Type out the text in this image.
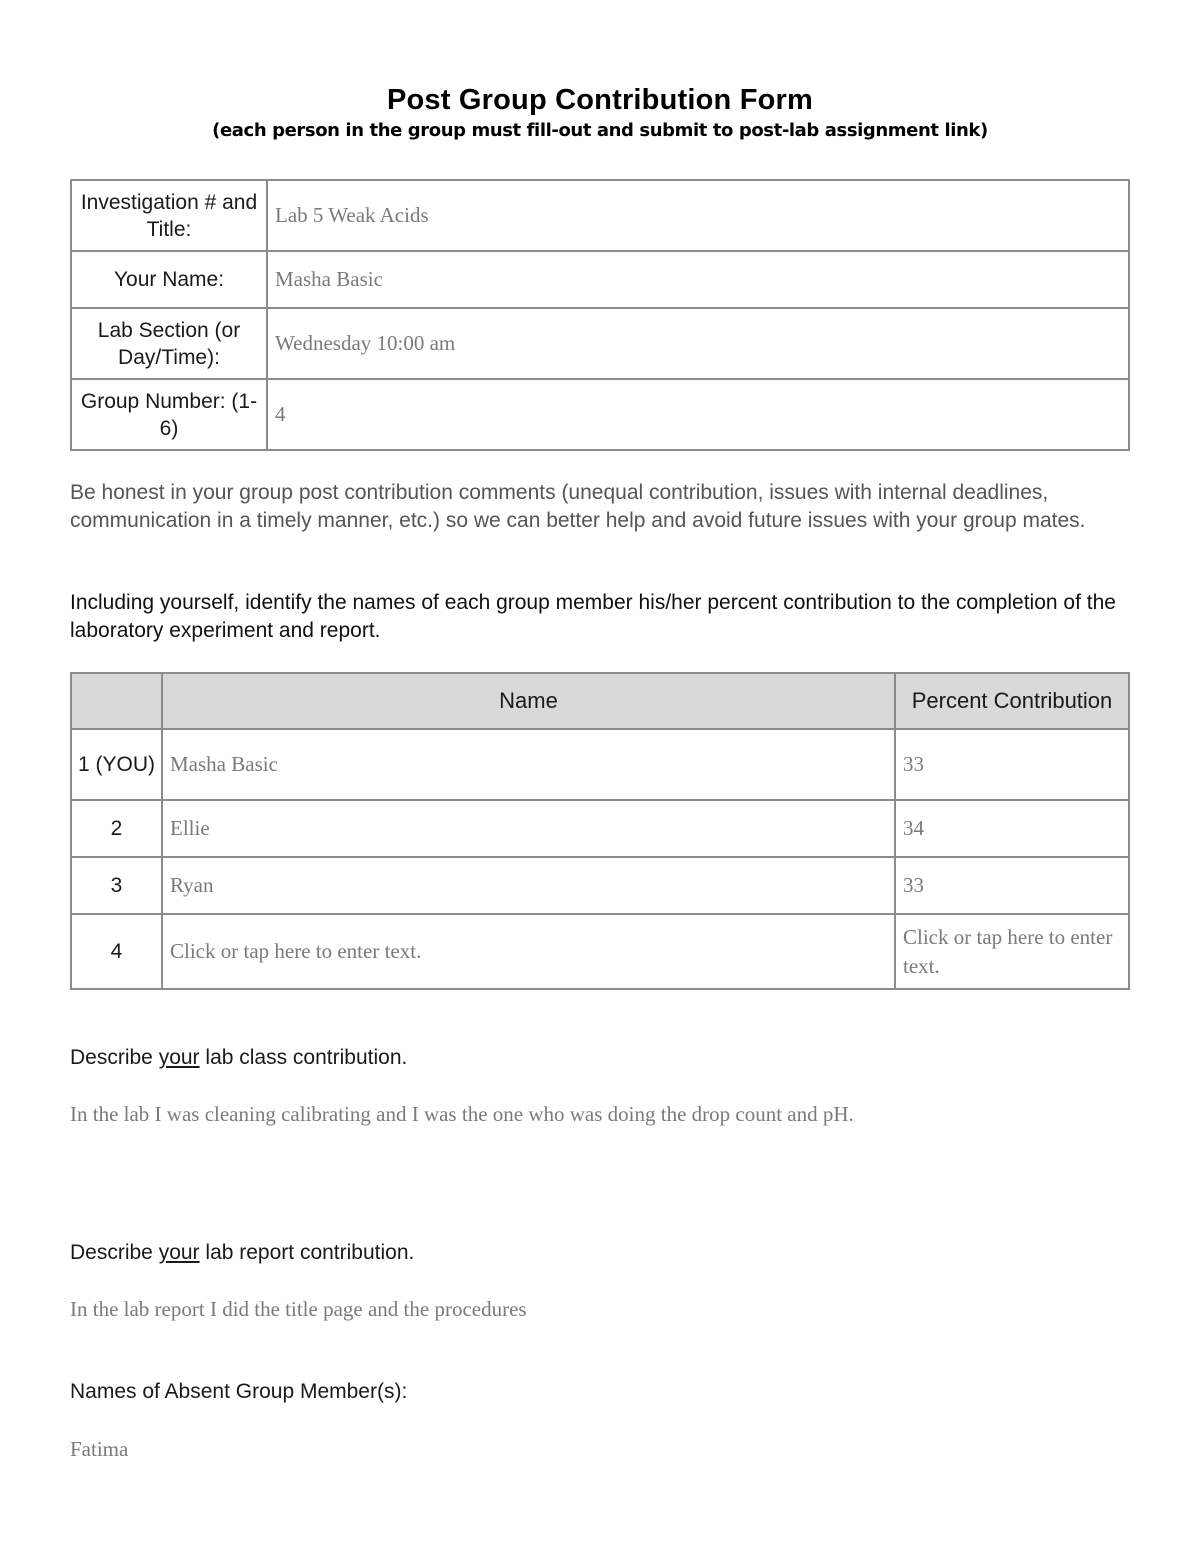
Post Group Contribution Form
(each person in the group must fill-out and submit to post-lab assignment link)
Investigation # and Title:	Lab 5 Weak Acids
Your Name:	Masha Basic
Lab Section (or Day/Time):	Wednesday 10:00 am
Group Number: (1-6)	4
Be honest in your group post contribution comments (unequal contribution, issues with internal deadlines, communication in a timely manner, etc.) so we can better help and avoid future issues with your group mates.
Including yourself, identify the names of each group member his/her percent contribution to the completion of the laboratory experiment and report.
	Name	Percent Contribution
1 (YOU)	Masha Basic	33
2	Ellie	34
3	Ryan	33
4	Click or tap here to enter text.	Click or tap here to enter text.
Describe your lab class contribution.
In the lab I was cleaning calibrating and I was the one who was doing the drop count and pH.
Describe your lab report contribution.
In the lab report I did the title page and the procedures
Names of Absent Group Member(s):
Fatima
